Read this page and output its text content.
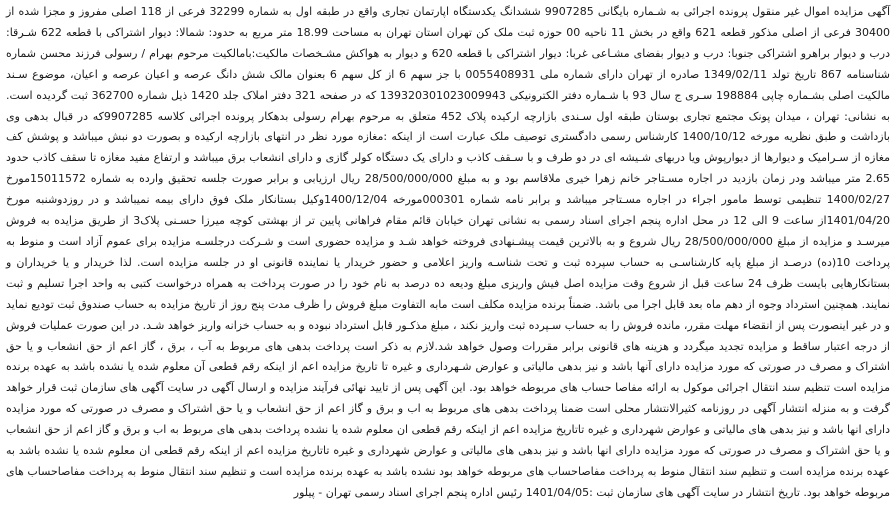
آگهی مزایده اموال غیر منقول پرونده اجرائی به شـماره بایگانی 9907285 ششدانگ یکدستگاه اپارتمان تجاری واقع در طبقه اول به شماره 32299 فرعی از 118 اصلی مفروز و مجزا شده از 30400 فرعی از اصلی مذکور قطعه 621 واقع در بخش 11 ناحیه 00 حوزه ثبت ملک کن تهران استان تهران به مساحت 18.99 متر مربع به حدود: شمالا: دیوار اشتراکی با قطعه 622 شـرقا: درب و دیوار براهرو اشتراکی جنوبا: درب و دیوار بفضای مشـاعی غربا: دیوار اشتراکی با قطعه 620 و دیوار به هواکش مشـخصات مالکیت:بامالکیت مرحوم بهرام / رسولی فرزند محسن شماره شناسنامه 867 تاریخ تولد 1349/02/11 صادره از تهران دارای شماره ملی 0055408931 با جز سهم 6 از کل سهم 6 بعنوان مالک شش دانگ عرصه و اعیان عرصه و اعیان، موضوع سـند مالکیت اصلی بشـماره چاپی 198884 سـری ج سال 93 با شـماره دفتر الکترونیکی 139320301023009943 که در صفحه 321 دفتر املاک جلد 1420 ذیل شماره 362700 ثبت گردیده است. به نشانی: تهران ، میدان پونک مجتمع تجاری بوستان طبقه اول سـندی بازارچه ارکیده پلاک 452 متعلق به مرحوم بهرام رسولی بدهکار پرونده اجرائی کلاسه 9907285که در قبال بدهی وی بازداشت و طبق نظریه مورخه 1400/10/12 کارشناس رسمی دادگستری توصیف ملک عبارت است از اینکه :مغازه مورد نظر در انتهای بازارچه ارکیده و بصورت دو نبش میباشد و پوشش کف مغازه از سـرامیک و دیوارها از دیوارپوش ویا دربهای شـیشه ای در دو طرف و با سـقف کاذب و دارای یک دستگاه کولر گازی و دارای انشعاب برق میباشد و ارتفاع مفید مغازه تا سقف کاذب حدود 2.65 متر میباشد ودر زمان بازدید در اجاره مسـتاجر خانم زهرا خیری ملاقاسم بود و به مبلغ 28/500/000/000 ریال ارزیابی و برابر صورت جلسه تحقیق وارده به شماره 15011572مورخ 1400/02/27 تنظیمی توسط مامور اجراء در اجاره مسـتاجر میباشد و برابر نامه شماره 000301مورخه 1400/12/04وکیل بستانکار ملک فوق دارای بیمه نمیباشد و در روزدوشنبه مورخ 1401/04/20از ساعت 9 الی 12 در محل اداره پنجم اجرای اسناد رسمی به نشانی تهران خیابان قائم مقام فراهانی پایین تر از بهشتی کوچه میرزا حسـنی پلاک3 از طریق مزایده به فروش میرسـد و مزایده از مبلغ 28/500/000/000 ریال شروع و به بالاترین قیمت پیشـنهادی فروخته خواهد شـد و مزایده حضوری است و شـرکت درجلسـه مزایده برای عموم آزاد است و منوط به پرداخت 10(ده) درصـد از مبلغ پایه کارشناسـی به حساب سپرده ثبت و تحت شناسـه واریز اعلامی و حضور خریدار یا نماینده قانونی او در جلسه مزایده است. لذا خریدار و یا خریداران و بستانکارهایی بایست ظرف 24 ساعت قبل از شروع وقت مزایده اصل فیش واریزی مبلغ ودیعه ده درصد به نام خود را در صورت پرداخت به همراه درخواست کتبی به واحد اجرا تسلیم و ثبت نمایند. همچنین استرداد وجوه از دهم ماه بعد قابل اجرا می باشد. ضمناً برنده مزایده مکلف است مابه التفاوت مبلغ فروش را ظرف مدت پنج روز از تاریخ مزایده به حساب صندوق ثبت تودیع نماید و در غیر اینصورت پس از انقضاء مهلت مقرر، مانده فروش را به حساب سـپرده ثبت واریز نکند ، مبلغ مذکـور قابل استرداد نبوده و به حساب خزانه واریز خواهد شـد. در این صورت عملیات فروش از درجه اعتبار ساقط و مزایده تجدید میگردد و هزینه های قانونی برابر مقررات وصول خواهد شد.لازم به ذکر است پرداخت بدهی های مربوط به آب ، برق ، گاز اعم از حق انشعاب و یا حق اشتراک و مصرف در صورتی که مورد مزایده دارای آنها باشد و نیز بدهی مالیاتی و عوارض شـهرداری و غیره تا تاریخ مزایده اعم از اینکه رقم قطعی آن معلوم شده یا نشده باشد به عهده برنده مزایده است تنظیم سند انتقال اجرائی موکول به ارائه مفاصا حساب های مربوطه خواهد بود. این آگهی پس از تایید نهائی فرآیند مزایده و ارسال آگهی در سایت آگهی های سازمان ثبت قرار خواهد گرفت و به منزله انتشار آگهی در روزنامه کثیرالانتشار محلی است ضمنا پرداخت بدهی های مربوط به اب و برق و گاز اعم از حق انشعاب و یا حق اشتراک و مصرف در صورتی که مورد مزایده دارای انها باشد و نیز بدهی های مالیاتی و عوارض شهرداری و غیره تاتاریخ مزایده اعم از اینکه رقم قطعی ان معلوم شده یا نشده پرداخت بدهی های مربوط به اب و برق و گاز اعم از حق انشعاب و یا حق اشتراک و مصرف در صورتی که مورد مزایده دارای انها باشد و نیز بدهی های مالیاتی و عوارض شهرداری و غیره تاتاریخ مزایده اعم از اینکه رقم قطعی ان معلوم شده یا نشده باشد به عهده برنده مزایده است و تنظیم سند انتقال منوط به پرداخت مفاصاحساب های مربوطه خواهد بود نشده باشد به عهده برنده مزایده است و تنظیم سند انتقال منوط به پرداخت مفاصاحساب های مربوطه خواهد بود. تاریخ انتشار در سایت آگهی های سازمان ثبت :1401/04/05 رئیس اداره پنجم اجرای اسناد رسمی تهران - پیلور
